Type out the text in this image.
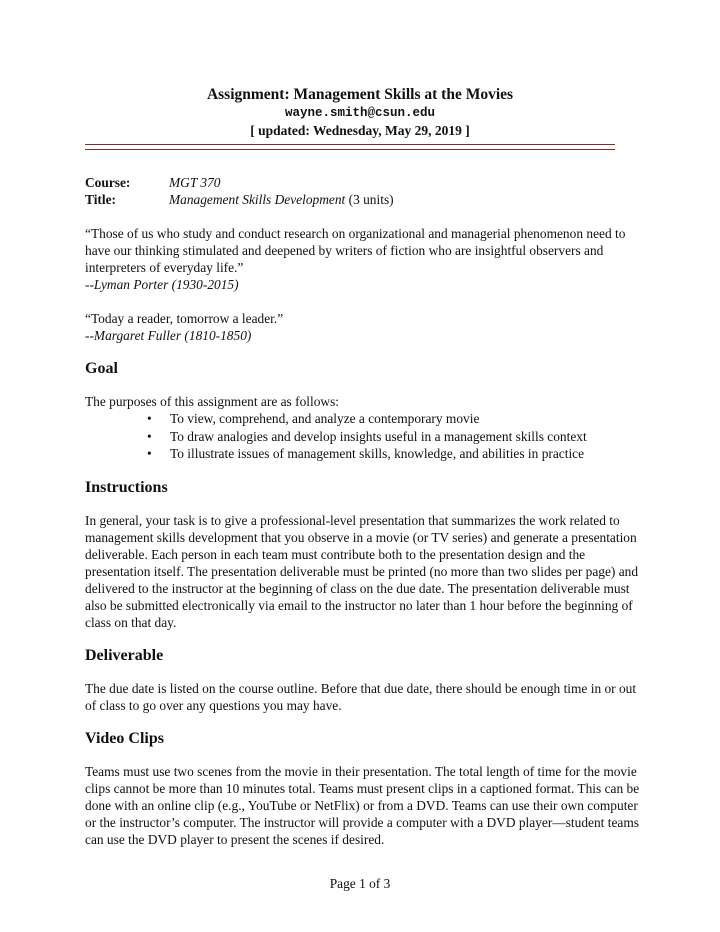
Assignment: Management Skills at the Movies
wayne.smith@csun.edu
[ updated: Wednesday, May 29, 2019 ]
Course:	MGT 370
Title:	Management Skills Development (3 units)

“Those of us who study and conduct research on organizational and managerial phenomenon need to have our thinking stimulated and deepened by writers of fiction who are insightful observers and interpreters of everyday life.”

--Lyman Porter (1930-2015)

“Today a reader, tomorrow a leader.”

--Margaret Fuller (1810-1850)

Goal

The purposes of this assignment are as follows:

• To view, comprehend, and analyze a contemporary movie
• To draw analogies and develop insights useful in a management skills context
• To illustrate issues of management skills, knowledge, and abilities in practice
Instructions

In general, your task is to give a professional-level presentation that summarizes the work related to management skills development that you observe in a movie (or TV series) and generate a presentation deliverable. Each person in each team must contribute both to the presentation design and the presentation itself. The presentation deliverable must be printed (no more than two slides per page) and delivered to the instructor at the beginning of class on the due date. The presentation deliverable must also be submitted electronically via email to the instructor no later than 1 hour before the beginning of class on that day.

Deliverable

The due date is listed on the course outline. Before that due date, there should be enough time in or out of class to go over any questions you may have.

Video Clips

Teams must use two scenes from the movie in their presentation. The total length of time for the movie clips cannot be more than 10 minutes total. Teams must present clips in a captioned format. This can be done with an online clip (e.g., YouTube or NetFlix) or from a DVD. Teams can use their own computer or the instructor’s computer. The instructor will provide a computer with a DVD player—student teams can use the DVD player to present the scenes if desired.

Page 1 of 3
